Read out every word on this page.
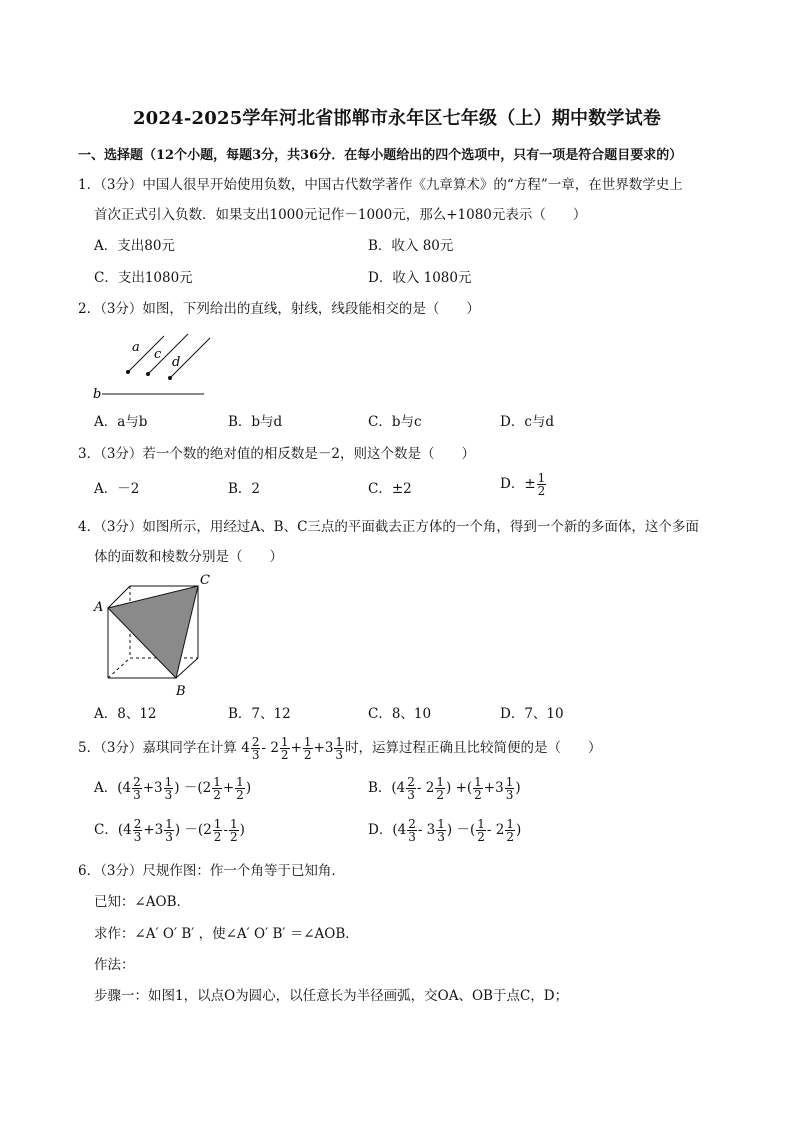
2024-2025学年河北省邯郸市永年区七年级（上）期中数学试卷
一、选择题（12个小题，每题3分，共36分．在每小题给出的四个选项中，只有一项是符合题目要求的）
1．（3分）中国人很早开始使用负数，中国古代数学著作《九章算术》的“方程”一章，在世界数学史上
首次正式引入负数．如果支出1000元记作－1000元，那么+1080元表示（　　）
A．支出80元	B．收入 80元
C．支出1080元	D．收入 1080元
2．（3分）如图，下列给出的直线，射线，线段能相交的是（　　）
a c
d
b
A．a与b	B．b与d	C．b与c	D．c与d
3．（3分）若一个数的绝对值的相反数是－2，则这个数是（　　）
A．－2	B．2	C．±2	D．± $\frac{1}{2}$
4．（3分）如图所示，用经过A、B、C三点的平面截去正方体的一个角，得到一个新的多面体，这个多面
体的面数和棱数分别是（　　）
A
B
C
A．8、12	B．7、12	C．8、10	D．7、10
5．（3分）嘉琪同学在计算 $4 \frac{2}{3} - 2 \frac{1}{2} + \frac{1}{2} +3 \frac{1}{3}$ 时，运算过程正确且比较简便的是（　　）
A．($4 \frac{2}{3} +3 \frac{1}{3}$ ) $-(2 \frac{1}{2} + \frac{1}{2}$ )	B．($4 \frac{2}{3} - 2 \frac{1}{2}$ ) +( $\frac{1}{2} +3 \frac{1}{3}$ )
C．($4 \frac{2}{3} +3 \frac{1}{3}$ ) $-(2 \frac{1}{2} - \frac{1}{2}$ )	D．($4 \frac{2}{3} - 3 \frac{1}{3}$ ) －( $\frac{1}{2} - 2 \frac{1}{2}$ )
6．（3分）尺规作图：作一个角等于已知角．
已知：∠AOB．
求作：∠A′ O′ B′ ，使∠A′ O′ B′ ＝∠AOB．
作法：
步骤一：如图1，以点O为圆心，以任意长为半径画弧，交OA、OB于点C，D；
